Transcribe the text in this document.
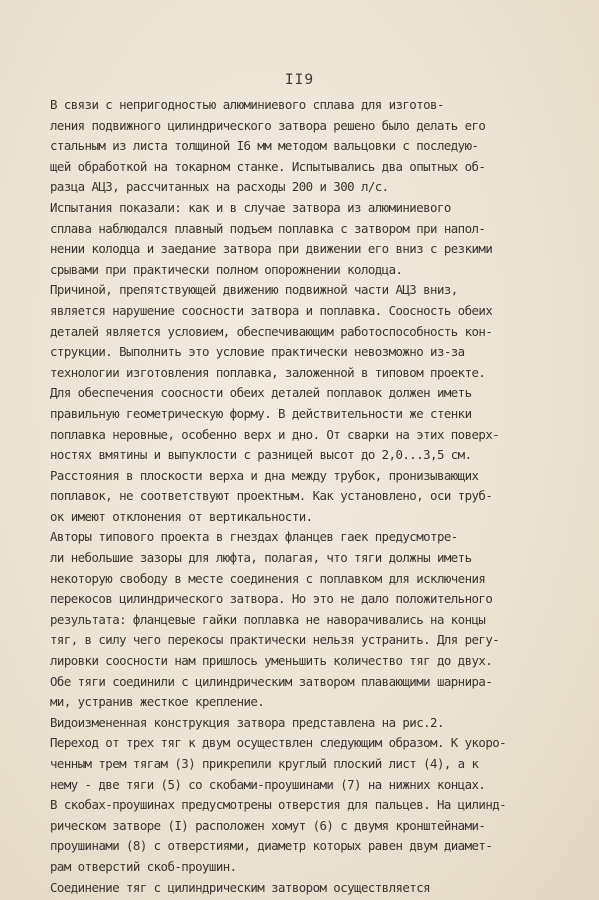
II9
В связи с непригодностью алюминиевого сплава для изготов-
ления подвижного цилиндрического затвора решено было делать его
стальным из листа толщиной I6 мм методом вальцовки с последую-
щей обработкой на токарном станке. Испытывались два опытных об-
разца АЦЗ, рассчитанных на расходы 200 и 300 л/с.
Испытания показали: как и в случае затвора из алюминиевого
сплава наблюдался плавный подъем поплавка с затвором при напол-
нении колодца и заедание затвора при движении его вниз с резкими
срывами при практически полном опорожнении колодца.
Причиной, препятствующей движению подвижной части АЦЗ вниз,
является нарушение соосности затвора и поплавка. Соосность обеих
деталей является условием, обеспечивающим работоспособность кон-
струкции. Выполнить это условие практически невозможно из-за
технологии изготовления поплавка, заложенной в типовом проекте.
Для обеспечения соосности обеих деталей поплавок должен иметь
правильную геометрическую форму. В действительности же стенки
поплавка неровные, особенно верх и дно. От сварки на этих поверх-
ностях вмятины и выпуклости с разницей высот до 2,0...3,5 см.
Расстояния в плоскости верха и дна между трубок, пронизывающих
поплавок, не соответствуют проектным. Как установлено, оси труб-
ок имеют отклонения от вертикальности.
Авторы типового проекта в гнездах фланцев гаек предусмотре-
ли небольшие зазоры для люфта, полагая, что тяги должны иметь
некоторую свободу в месте соединения с поплавком для исключения
перекосов цилиндрического затвора. Но это не дало положительного
результата: фланцевые гайки поплавка не наворачивались на концы
тяг, в силу чего перекосы практически нельзя устранить. Для регу-
лировки соосности нам пришлось уменьшить количество тяг до двух.
Обе тяги соединили с цилиндрическим затвором плавающими шарнира-
ми, устранив жесткое крепление.
Видоизмененная конструкция затвора представлена на рис.2.
Переход от трех тяг к двум осуществлен следующим образом. К укоро-
ченным трем тягам (3) прикрепили круглый плоский лист (4), а к
нему - две тяги (5) со скобами-проушинами (7) на нижних концах.
В скобах-проушинах предусмотрены отверстия для пальцев. На цилинд-
рическом затворе (I) расположен хомут (6) с двумя кронштейнами-
проушинами (8) с отверстиями, диаметр которых равен двум диамет-
рам отверстий скоб-проушин.
Соединение тяг с цилиндрическим затвором осуществляется
